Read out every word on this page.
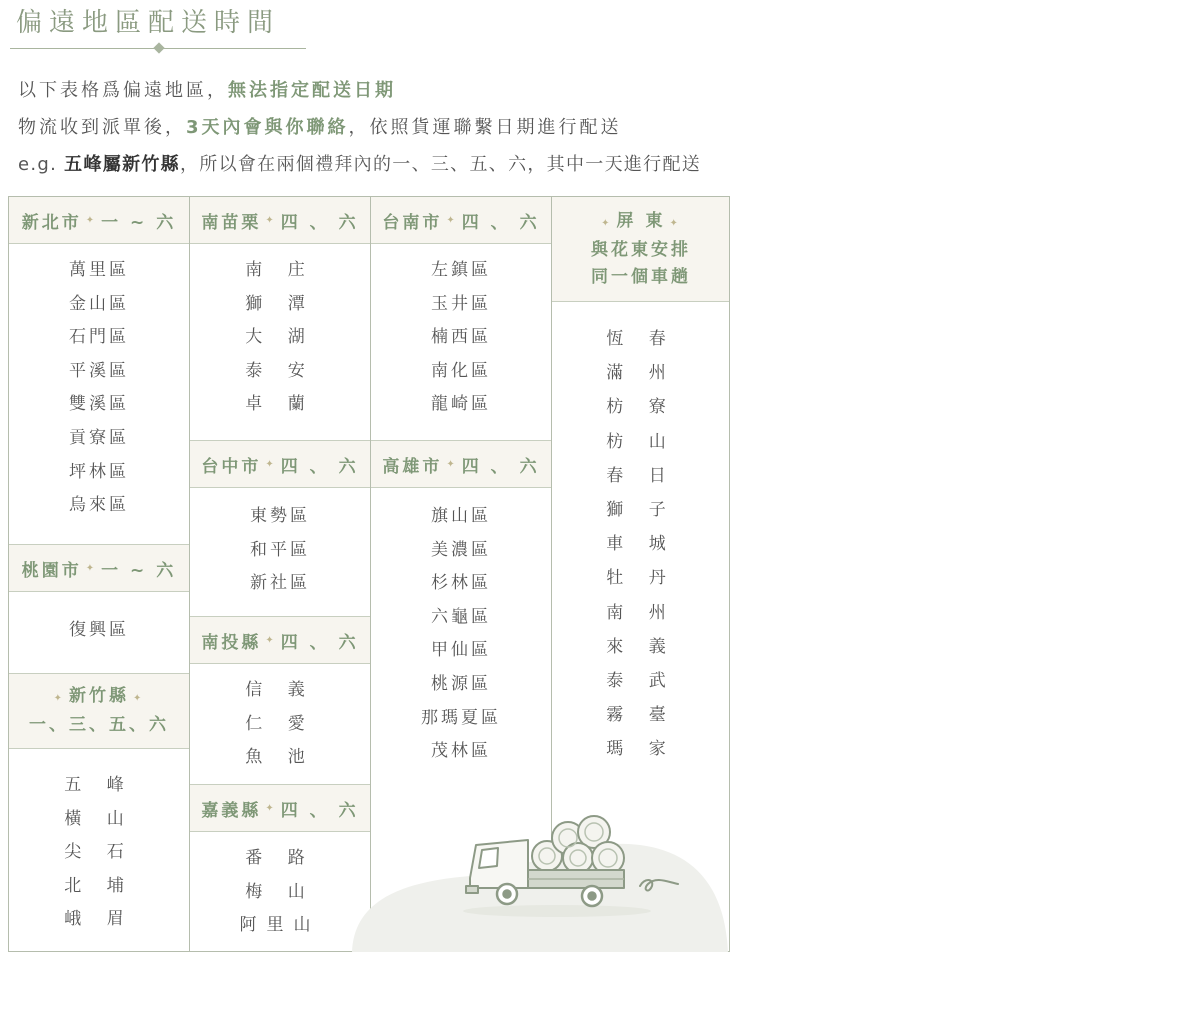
偏遠地區配送時間
以下表格爲偏遠地區，無法指定配送日期
物流收到派單後，3天內會與你聯絡，依照貨運聯繫日期進行配送
e.g. 五峰屬新竹縣，所以會在兩個禮拜內的一、三、五、六，其中一天進行配送
新北市 ✦ 一 ~ 六
萬里區
金山區
石門區
平溪區
雙溪區
貢寮區
坪林區
烏來區
桃園市 ✦ 一 ~ 六
復興區
✦ 新竹縣 ✦
一、三、五、六
五 峰
橫 山
尖 石
北 埔
峨 眉
南苗栗 ✦ 四 、 六
南 庄
獅 潭
大 湖
泰 安
卓 蘭
台中市 ✦ 四 、 六
東勢區
和平區
新社區
南投縣 ✦ 四 、 六
信 義
仁 愛
魚 池
嘉義縣 ✦ 四 、 六
番 路
梅 山
阿里山
台南市 ✦ 四 、 六
左鎮區
玉井區
楠西區
南化區
龍崎區
高雄市 ✦ 四 、 六
旗山區
美濃區
杉林區
六龜區
甲仙區
桃源區
那瑪夏區
茂林區
✦ 屏 東 ✦
與花東安排
同一個車趟
恆 春
滿 州
枋 寮
枋 山
春 日
獅 子
車 城
牡 丹
南 州
來 義
泰 武
霧 臺
瑪 家
